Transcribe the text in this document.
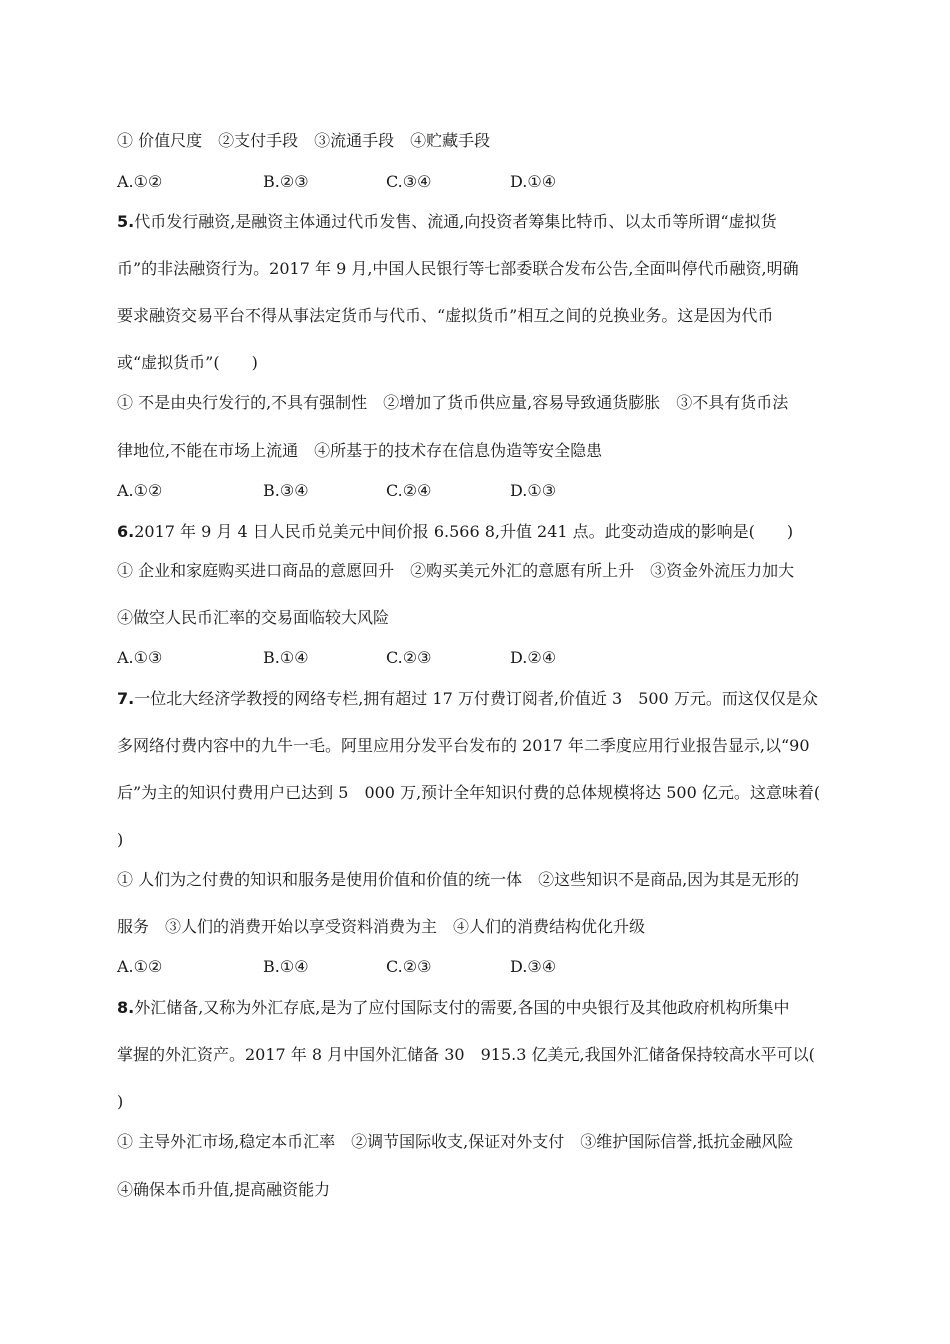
① 价值尺度　②支付手段　③流通手段　④贮藏手段
A.①②	B.②③	C.③④	D.①④
5.代币发行融资,是融资主体通过代币发售、流通,向投资者筹集比特币、以太币等所谓“虚拟货
币”的非法融资行为。2017 年 9 月,中国人民银行等七部委联合发布公告,全面叫停代币融资,明确
要求融资交易平台不得从事法定货币与代币、“虚拟货币”相互之间的兑换业务。这是因为代币
或“虚拟货币”(　　)
① 不是由央行发行的,不具有强制性　②增加了货币供应量,容易导致通货膨胀　③不具有货币法
律地位,不能在市场上流通　④所基于的技术存在信息伪造等安全隐患
A.①②	B.③④	C.②④	D.①③
6.2017 年 9 月 4 日人民币兑美元中间价报 6.566 8,升值 241 点。此变动造成的影响是(　　)
① 企业和家庭购买进口商品的意愿回升　②购买美元外汇的意愿有所上升　③资金外流压力加大
④做空人民币汇率的交易面临较大风险
A.①③	B.①④	C.②③	D.②④
7.一位北大经济学教授的网络专栏,拥有超过 17 万付费订阅者,价值近 3　500 万元。而这仅仅是众
多网络付费内容中的九牛一毛。阿里应用分发平台发布的 2017 年二季度应用行业报告显示,以“90
后”为主的知识付费用户已达到 5　000 万,预计全年知识付费的总体规模将达 500 亿元。这意味着(
)
① 人们为之付费的知识和服务是使用价值和价值的统一体　②这些知识不是商品,因为其是无形的
服务　③人们的消费开始以享受资料消费为主　④人们的消费结构优化升级
A.①②	B.①④	C.②③	D.③④
8.外汇储备,又称为外汇存底,是为了应付国际支付的需要,各国的中央银行及其他政府机构所集中
掌握的外汇资产。2017 年 8 月中国外汇储备 30　915.3 亿美元,我国外汇储备保持较高水平可以(
)
① 主导外汇市场,稳定本币汇率　②调节国际收支,保证对外支付　③维护国际信誉,抵抗金融风险
④确保本币升值,提高融资能力
